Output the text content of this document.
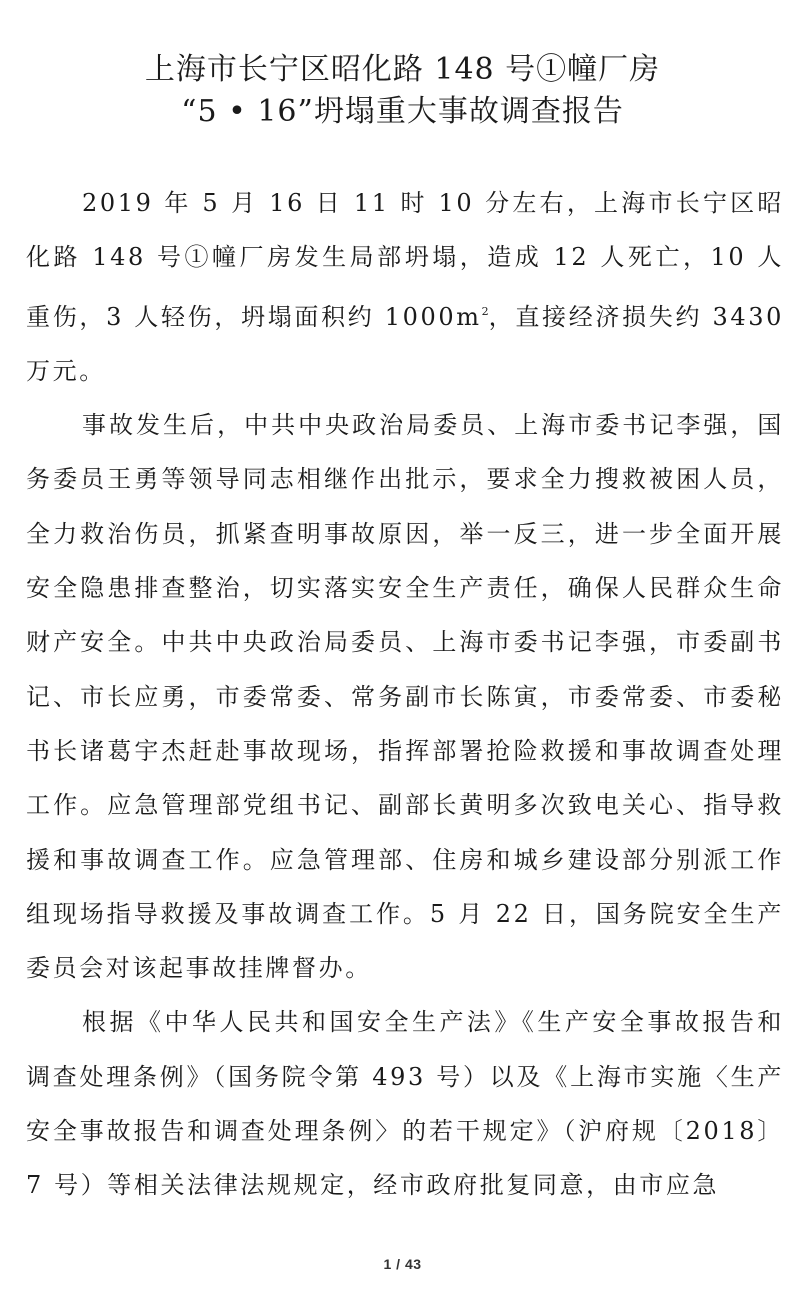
上海市长宁区昭化路 148 号①幢厂房
“5 • 16”坍塌重大事故调查报告

2019 年 5 月 16 日 11 时 10 分左右，上海市长宁区昭化路 148 号①幢厂房发生局部坍塌，造成 12 人死亡，10 人重伤，3 人轻伤，坍塌面积约 $1000m^2$，直接经济损失约 3430 万元。

事故发生后，中共中央政治局委员、上海市委书记李强，国务委员王勇等领导同志相继作出批示，要求全力搜救被困人员，全力救治伤员，抓紧查明事故原因，举一反三，进一步全面开展安全隐患排查整治，切实落实安全生产责任，确保人民群众生命财产安全。中共中央政治局委员、上海市委书记李强，市委副书记、市长应勇，市委常委、常务副市长陈寅，市委常委、市委秘书长诸葛宇杰赶赴事故现场，指挥部署抢险救援和事故调查处理工作。应急管理部党组书记、副部长黄明多次致电关心、指导救援和事故调查工作。应急管理部、住房和城乡建设部分别派工作组现场指导救援及事故调查工作。5 月 22 日，国务院安全生产委员会对该起事故挂牌督办。

根据《中华人民共和国安全生产法》《生产安全事故报告和调查处理条例》（国务院令第 493 号）以及《上海市实施〈生产安全事故报告和调查处理条例〉的若干规定》（沪府规〔2018〕7 号）等相关法律法规规定，经市政府批复同意，由市应急

1 / 43
